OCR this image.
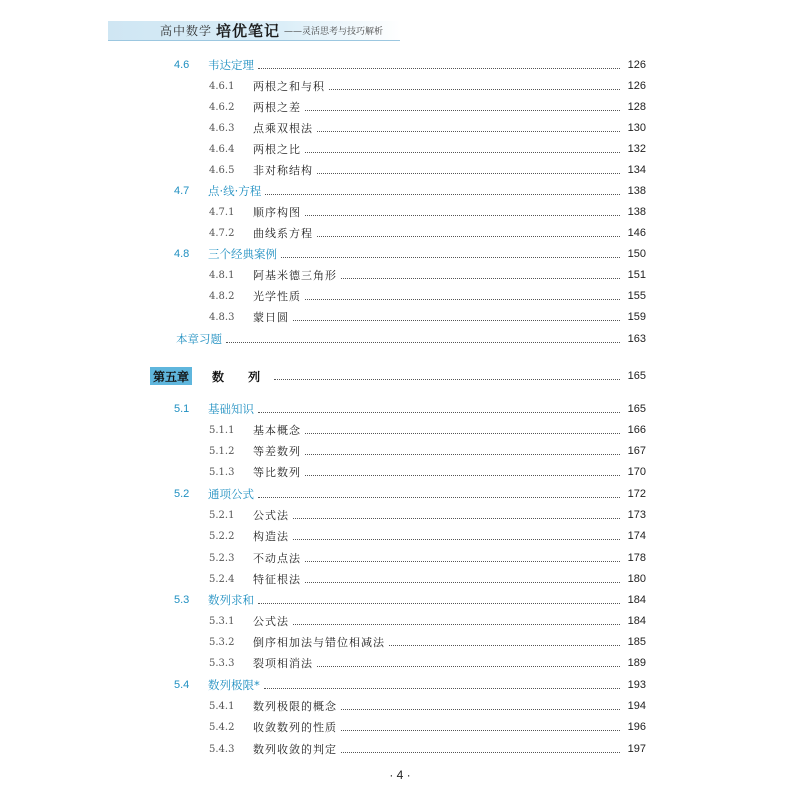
高中数学 培优笔记 ——灵活思考与技巧解析
4.6 韦达定理	126
4.6.1 两根之和与积	126
4.6.2 两根之差	128
4.6.3 点乘双根法	130
4.6.4 两根之比	132
4.6.5 非对称结构	134
4.7 点·线·方程	138
4.7.1 顺序构图	138
4.7.2 曲线系方程	146
4.8 三个经典案例	150
4.8.1 阿基米德三角形	151
4.8.2 光学性质	155
4.8.3 蒙日圆	159
本章习题	163
第五章 数 列	165
5.1 基础知识	165
5.1.1 基本概念	166
5.1.2 等差数列	167
5.1.3 等比数列	170
5.2 通项公式	172
5.2.1 公式法	173
5.2.2 构造法	174
5.2.3 不动点法	178
5.2.4 特征根法	180
5.3 数列求和	184
5.3.1 公式法	184
5.3.2 倒序相加法与错位相减法	185
5.3.3 裂项相消法	189
5.4 数列极限*	193
5.4.1 数列极限的概念	194
5.4.2 收敛数列的性质	196
5.4.3 数列收敛的判定	197
· 4 ·
